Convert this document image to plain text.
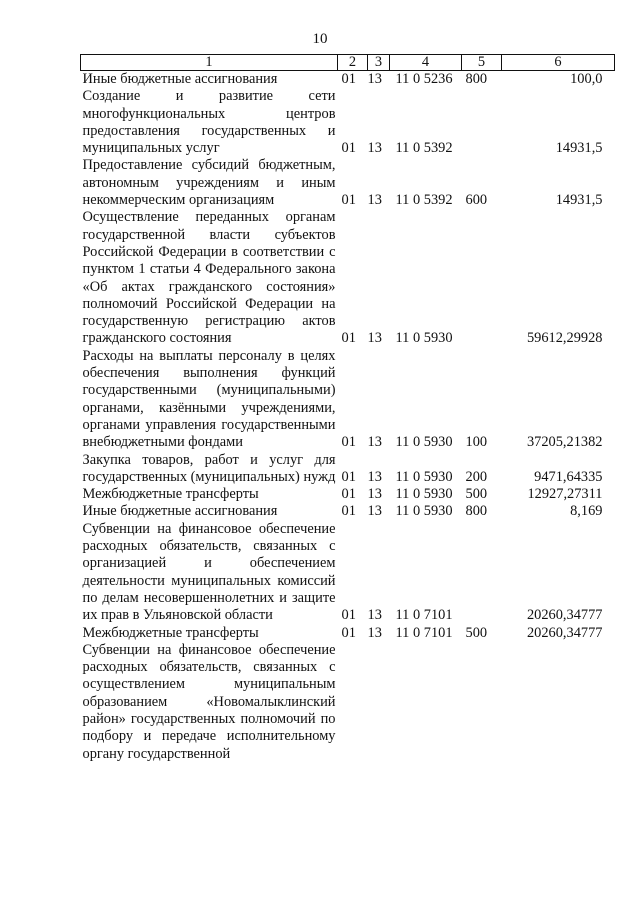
10
1	2	3	4	5	6
Иные бюджетные ассигнования	01	13	11 0 5236	800	100,0
Создание и развитие сети многофункциональных центров предоставления государственных и муниципальных услуг	01	13	11 0 5392		14931,5
Предоставление субсидий бюджетным, автономным учреждениям и иным некоммерческим организациям	01	13	11 0 5392	600	14931,5
Осуществление переданных органам государственной власти субъектов Российской Федерации в соответствии с пунктом 1 статьи 4 Федерального закона «Об актах гражданского состояния» полномочий Российской Федерации на государственную регистрацию актов гражданского состояния	01	13	11 0 5930		59612,29928
Расходы на выплаты персоналу в целях обеспечения выполнения функций государственными (муниципальными) органами, казёнными учреждениями, органами управления государственными внебюджетными фондами	01	13	11 0 5930	100	37205,21382
Закупка товаров, работ и услуг для государственных (муниципальных) нужд	01	13	11 0 5930	200	9471,64335
Межбюджетные трансферты	01	13	11 0 5930	500	12927,27311
Иные бюджетные ассигнования	01	13	11 0 5930	800	8,169
Субвенции на финансовое обеспечение расходных обязательств, связанных с организацией и обеспечением деятельности муниципальных комиссий по делам несовершеннолетних и защите их прав в Ульяновской области	01	13	11 0 7101		20260,34777
Межбюджетные трансферты	01	13	11 0 7101	500	20260,34777
Субвенции на финансовое обеспечение расходных обязательств, связанных с осуществлением муниципальным образованием «Новомалыклинский район» государственных полномочий по подбору и передаче исполнительному органу государственной					
